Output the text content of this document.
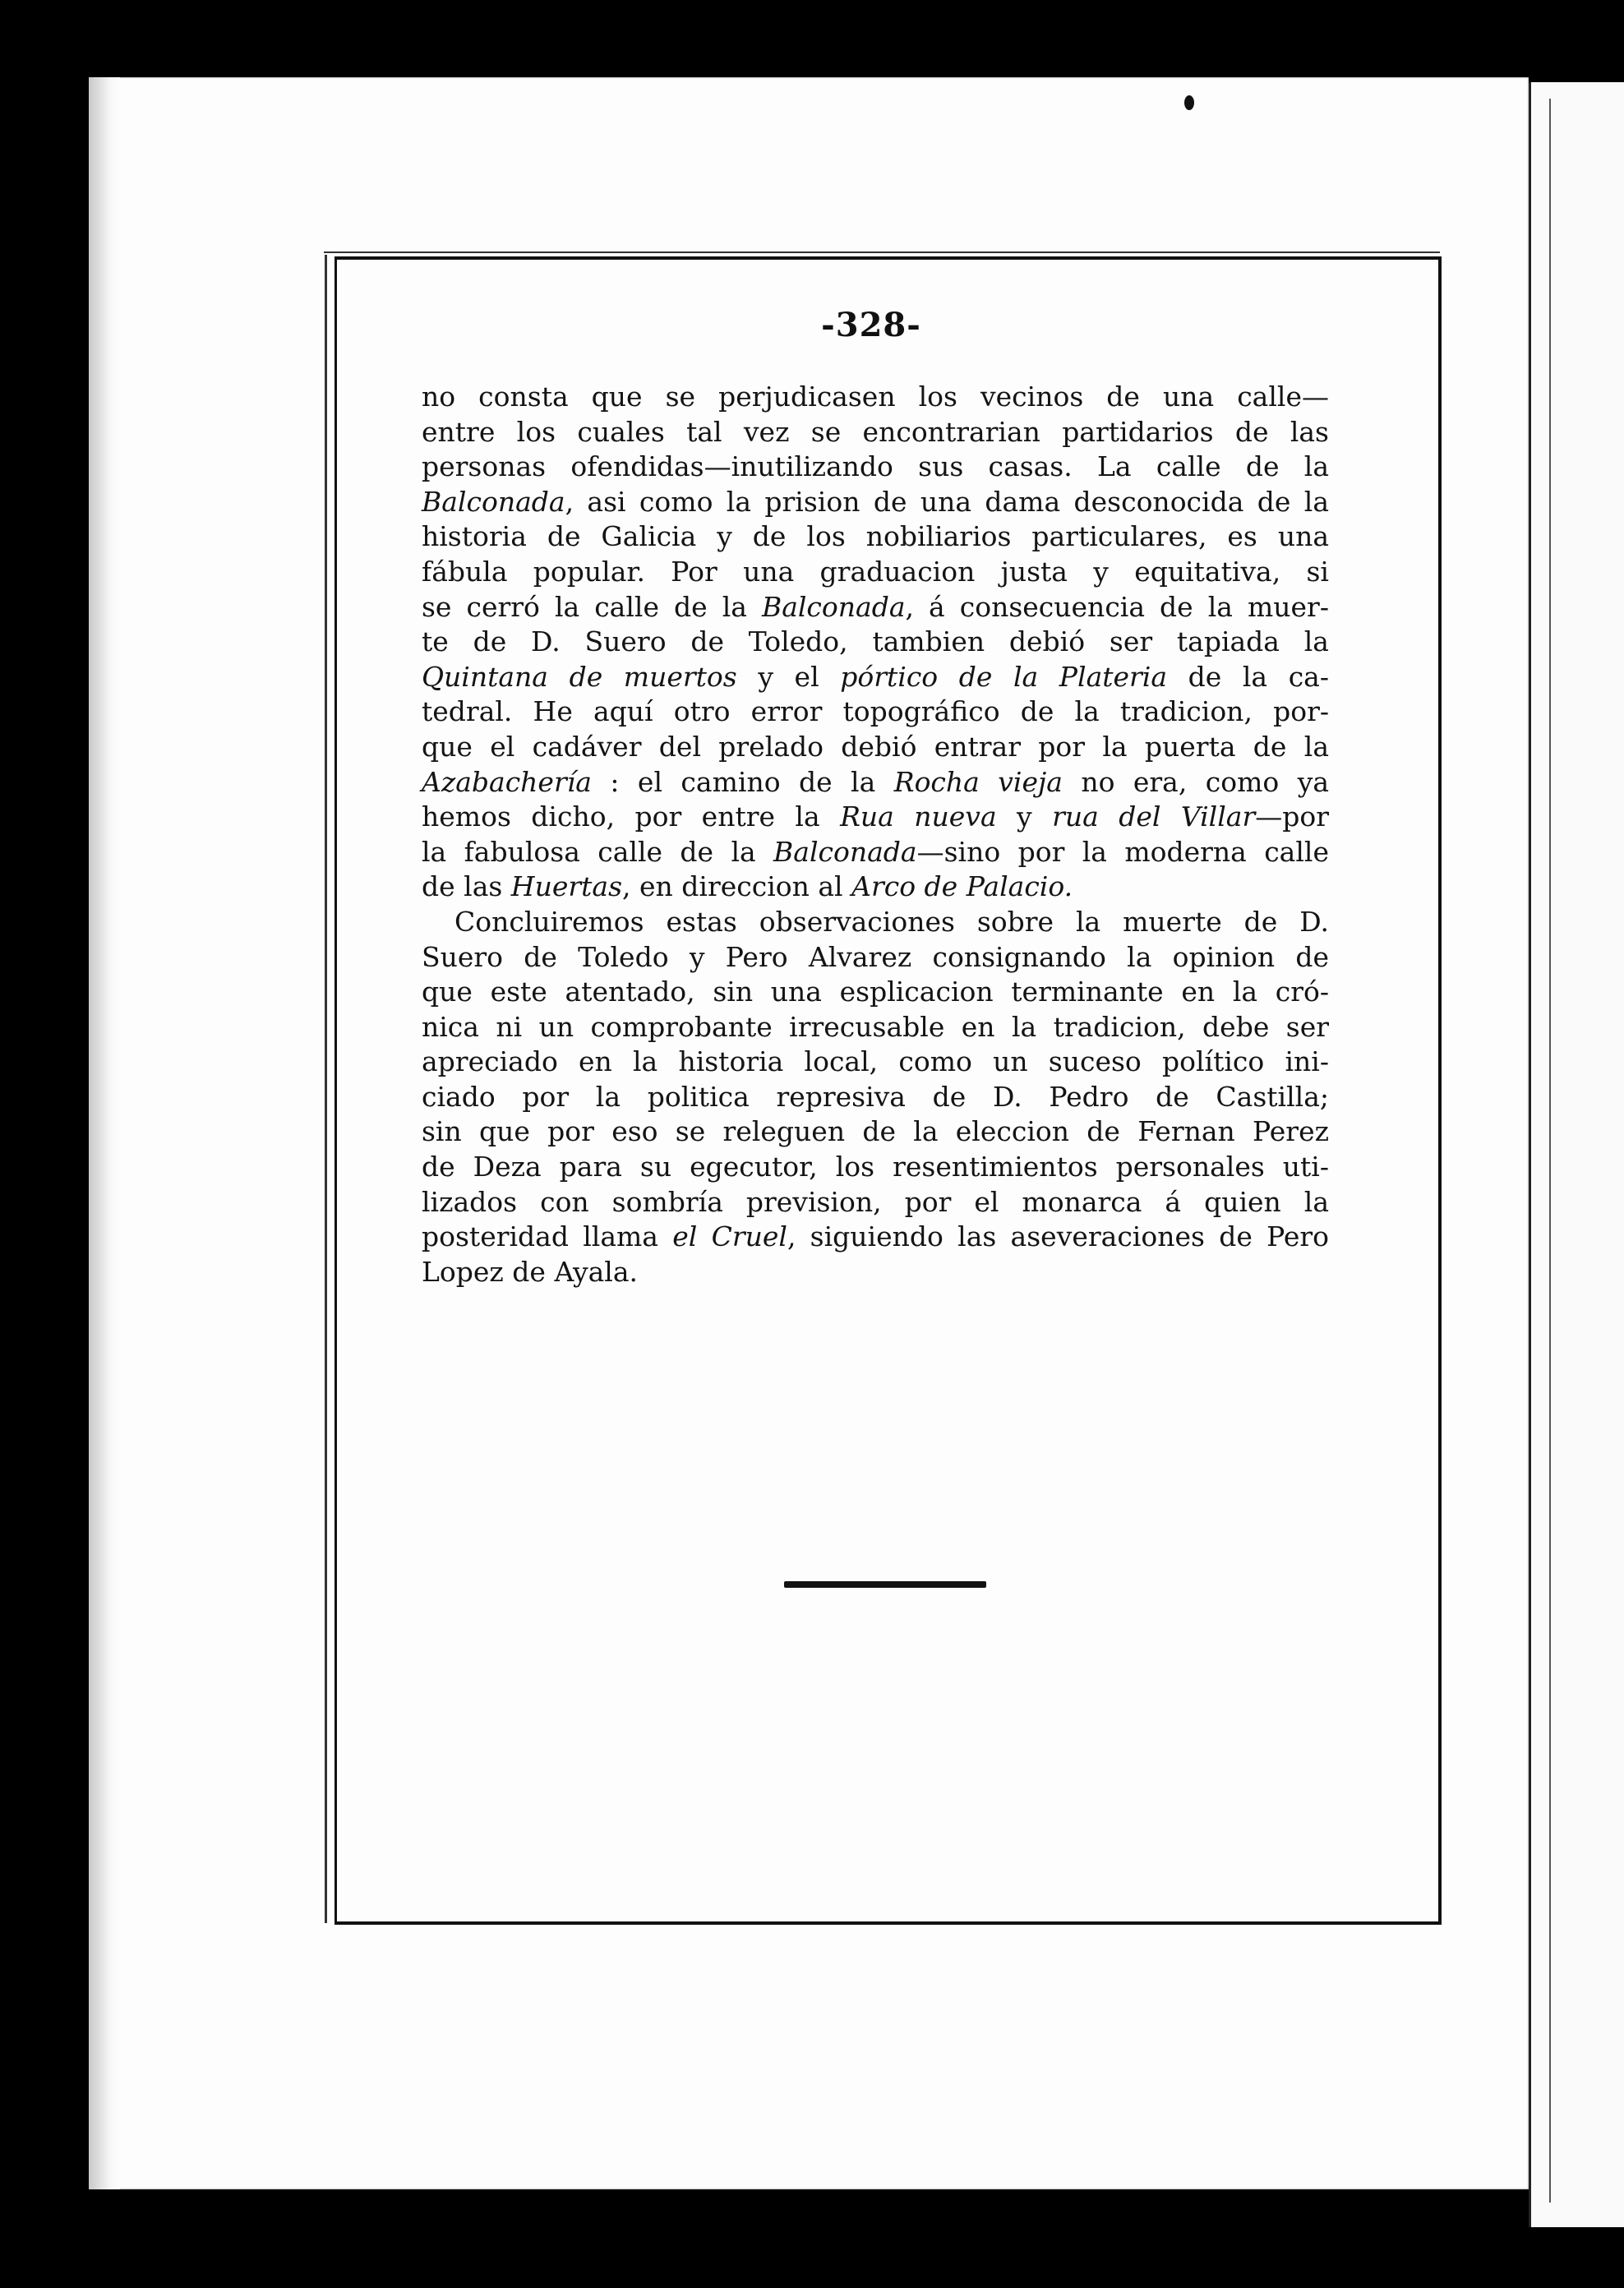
-328-
no consta que se perjudicasen los vecinos de una calle—
entre los cuales tal vez se encontrarian partidarios de las
personas ofendidas—inutilizando sus casas. La calle de la
Balconada, asi como la prision de una dama desconocida de la
historia de Galicia y de los nobiliarios particulares, es una
fábula popular. Por una graduacion justa y equitativa, si
se cerró la calle de la Balconada, á consecuencia de la muer-
te de D. Suero de Toledo, tambien debió ser tapiada la
Quintana de muertos y el pórtico de la Plateria de la ca-
tedral. He aquí otro error topográfico de la tradicion, por-
que el cadáver del prelado debió entrar por la puerta de la
Azabachería : el camino de la Rocha vieja no era, como ya
hemos dicho, por entre la Rua nueva y rua del Villar—por
la fabulosa calle de la Balconada—sino por la moderna calle
de las Huertas, en direccion al Arco de Palacio.
Concluiremos estas observaciones sobre la muerte de D.
Suero de Toledo y Pero Alvarez consignando la opinion de
que este atentado, sin una esplicacion terminante en la cró-
nica ni un comprobante irrecusable en la tradicion, debe ser
apreciado en la historia local, como un suceso político ini-
ciado por la politica represiva de D. Pedro de Castilla;
sin que por eso se releguen de la eleccion de Fernan Perez
de Deza para su egecutor, los resentimientos personales uti-
lizados con sombría prevision, por el monarca á quien la
posteridad llama el Cruel, siguiendo las aseveraciones de Pero
Lopez de Ayala.
